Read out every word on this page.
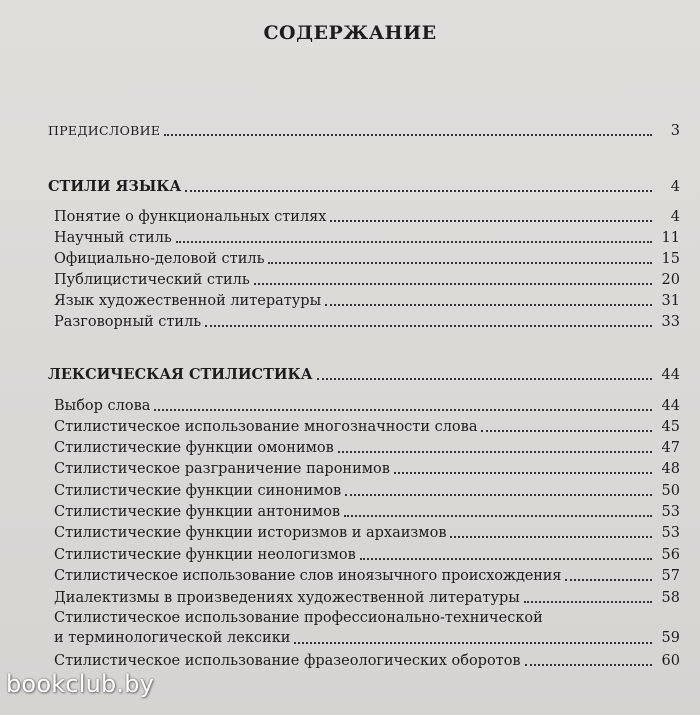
СОДЕРЖАНИЕ
ПРЕДИСЛОВИЕ	3
СТИЛИ ЯЗЫКА	4
Понятие о функциональных стилях	4
Научный стиль	11
Официально-деловой стиль	15
Публицистический стиль	20
Язык художественной литературы	31
Разговорный стиль	33
ЛЕКСИЧЕСКАЯ СТИЛИСТИКА	44
Выбор слова	44
Стилистическое использование многозначности слова	45
Стилистические функции омонимов	47
Стилистическое разграничение паронимов	48
Стилистические функции синонимов	50
Стилистические функции антонимов	53
Стилистические функции историзмов и архаизмов	53
Стилистические функции неологизмов	56
Стилистическое использование слов иноязычного происхождения	57
Диалектизмы в произведениях художественной литературы	58
Стилистическое использование профессионально-технической
и терминологической лексики	59
Стилистическое использование фразеологических оборотов	60
bookclub.by
